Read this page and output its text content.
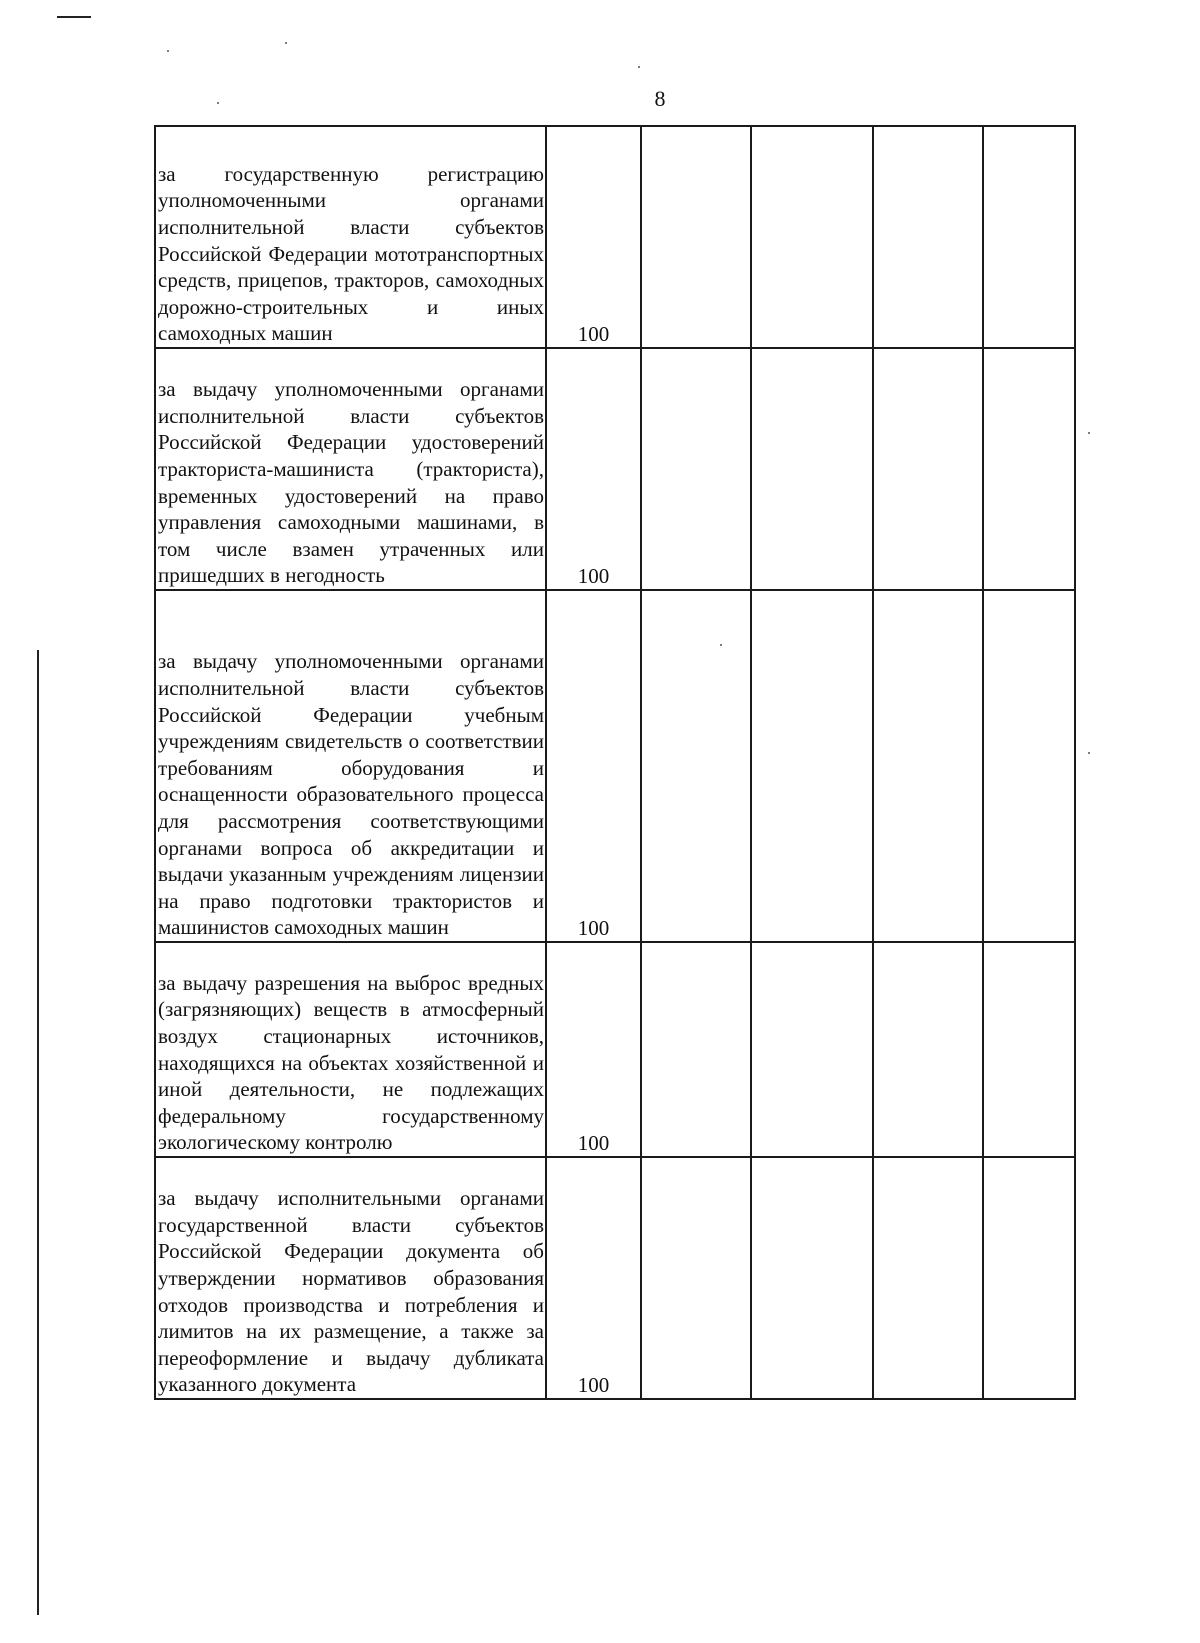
8
за государственную регистрацию уполномоченными органами исполнительной власти субъектов Российской Федерации мототранспортных средств, прицепов, тракторов, самоходных дорожно-строительных и иных самоходных машин	100				
за выдачу уполномоченными органами исполнительной власти субъектов Российской Федерации удостоверений тракториста-машиниста (тракториста), временных удостоверений на право управления самоходными машинами, в том числе взамен утраченных или пришедших в негодность	100				
за выдачу уполномоченными органами исполнительной власти субъектов Российской Федерации учебным учреждениям свидетельств о соответствии требованиям оборудования и оснащенности образовательного процесса для рассмотрения соответствующими органами вопроса об аккредитации и выдачи указанным учреждениям лицензии на право подготовки трактористов и машинистов самоходных машин	100				
за выдачу разрешения на выброс вредных (загрязняющих) веществ в атмосферный воздух стационарных источников, находящихся на объектах хозяйственной и иной деятельности, не подлежащих федеральному государственному экологическому контролю	100				
за выдачу исполнительными органами государственной власти субъектов Российской Федерации документа об утверждении нормативов образования отходов производства и потребления и лимитов на их размещение, а также за переоформление и выдачу дубликата указанного документа	100				
